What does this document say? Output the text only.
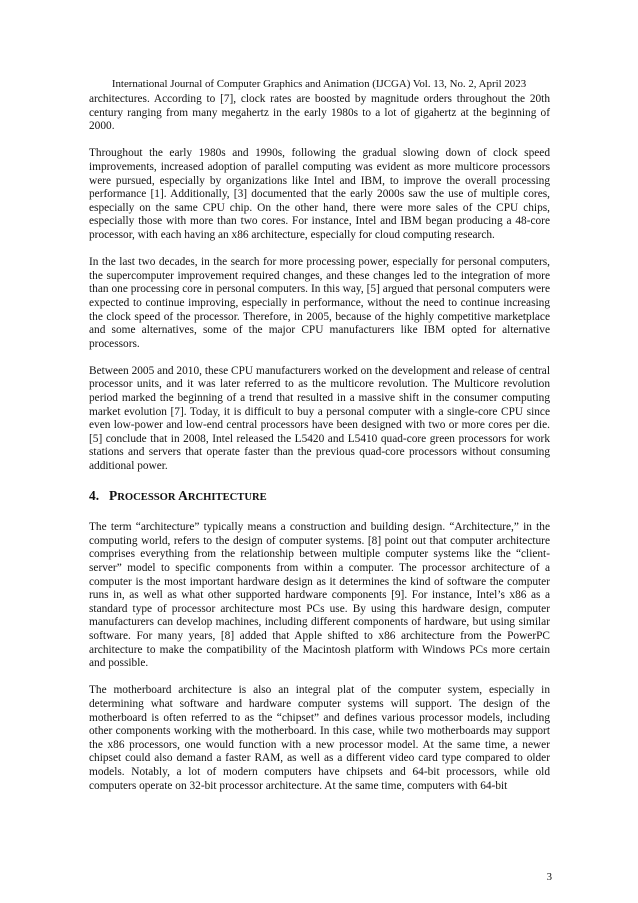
International Journal of Computer Graphics and Animation (IJCGA) Vol. 13, No. 2, April 2023

architectures. According to [7], clock rates are boosted by magnitude orders throughout the 20th century ranging from many megahertz in the early 1980s to a lot of gigahertz at the beginning of 2000.

Throughout the early 1980s and 1990s, following the gradual slowing down of clock speed improvements, increased adoption of parallel computing was evident as more multicore processors were pursued, especially by organizations like Intel and IBM, to improve the overall processing performance [1]. Additionally, [3] documented that the early 2000s saw the use of multiple cores, especially on the same CPU chip. On the other hand, there were more sales of the CPU chips, especially those with more than two cores. For instance, Intel and IBM began producing a 48-core processor, with each having an x86 architecture, especially for cloud computing research.

In the last two decades, in the search for more processing power, especially for personal computers, the supercomputer improvement required changes, and these changes led to the integration of more than one processing core in personal computers. In this way, [5] argued that personal computers were expected to continue improving, especially in performance, without the need to continue increasing the clock speed of the processor. Therefore, in 2005, because of the highly competitive marketplace and some alternatives, some of the major CPU manufacturers like IBM opted for alternative processors.

Between 2005 and 2010, these CPU manufacturers worked on the development and release of central processor units, and it was later referred to as the multicore revolution. The Multicore revolution period marked the beginning of a trend that resulted in a massive shift in the consumer computing market evolution [7]. Today, it is difficult to buy a personal computer with a single-core CPU since even low-power and low-end central processors have been designed with two or more cores per die. [5] conclude that in 2008, Intel released the L5420 and L5410 quad-core green processors for work stations and servers that operate faster than the previous quad-core processors without consuming additional power.

4. PROCESSOR ARCHITECTURE

The term “architecture” typically means a construction and building design. “Architecture,” in the computing world, refers to the design of computer systems. [8] point out that computer architecture comprises everything from the relationship between multiple computer systems like the “client-server” model to specific components from within a computer. The processor architecture of a computer is the most important hardware design as it determines the kind of software the computer runs in, as well as what other supported hardware components [9]. For instance, Intel’s x86 as a standard type of processor architecture most PCs use. By using this hardware design, computer manufacturers can develop machines, including different components of hardware, but using similar software. For many years, [8] added that Apple shifted to x86 architecture from the PowerPC architecture to make the compatibility of the Macintosh platform with Windows PCs more certain and possible.

The motherboard architecture is also an integral plat of the computer system, especially in determining what software and hardware computer systems will support. The design of the motherboard is often referred to as the “chipset” and defines various processor models, including other components working with the motherboard. In this case, while two motherboards may support the x86 processors, one would function with a new processor model. At the same time, a newer chipset could also demand a faster RAM, as well as a different video card type compared to older models. Notably, a lot of modern computers have chipsets and 64-bit processors, while old computers operate on 32-bit processor architecture. At the same time, computers with 64-bit

3
